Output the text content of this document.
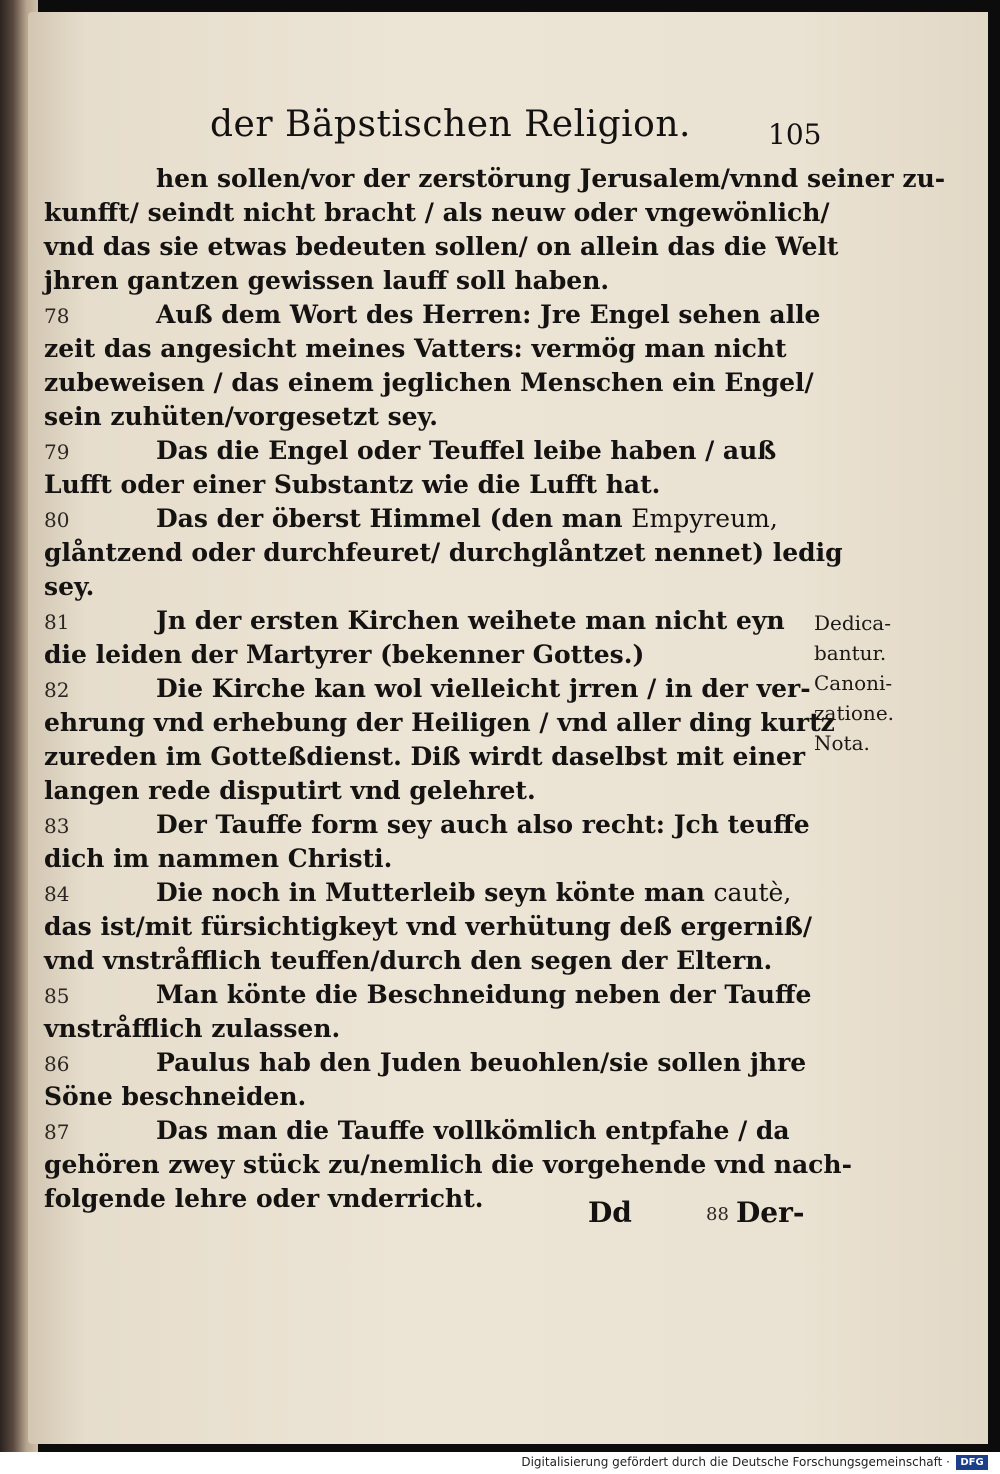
der Bäpstischen Religion.	105
hen sollen/vor der zerstörung Jerusalem/vnnd seiner zu-
kunfft/ seindt nicht bracht / als neuw oder vngewönlich/
vnd das sie etwas bedeuten sollen/ on allein das die Welt
jhren gantzen gewissen lauff soll haben.
78	Auß dem Wort des Herren: Jre Engel sehen alle
zeit das angesicht meines Vatters: vermög man nicht
zubeweisen / das einem jeglichen Menschen ein Engel/
sein zuhüten/vorgesetzt sey.
79	Das die Engel oder Teuffel leibe haben / auß
Lufft oder einer Substantz wie die Lufft hat.
80	Das der öberst Himmel (den man Empyreum,
glåntzend oder durchfeuret/ durchglåntzet nennet) ledig
sey.
81	Jn der ersten Kirchen weihete man nicht eyn
die leiden der Martyrer (bekenner Gottes.)
82	Die Kirche kan wol vielleicht jrren / in der ver-
ehrung vnd erhebung der Heiligen / vnd aller ding kurtz
zureden im Gotteßdienst. Diß wirdt daselbst mit einer
langen rede disputirt vnd gelehret.
83	Der Tauffe form sey auch also recht: Jch teuffe
dich im nammen Christi.
84	Die noch in Mutterleib seyn könte man cautè,
das ist/mit fürsichtigkeyt vnd verhütung deß ergerniß/
vnd vnstråfflich teuffen/durch den segen der Eltern.
85	Man könte die Beschneidung neben der Tauffe
vnstråfflich zulassen.
86	Paulus hab den Juden beuohlen/sie sollen jhre
Söne beschneiden.
87	Das man die Tauffe vollkömlich entpfahe / da
gehören zwey stück zu/nemlich die vorgehende vnd nach-
folgende lehre oder vnderricht.
Dedica-
bantur.
Canoni-
zatione.
Nota.
Dd	88 Der-
Digitalisierung gefördert durch die Deutsche Forschungsgemeinschaft ·	DFG
